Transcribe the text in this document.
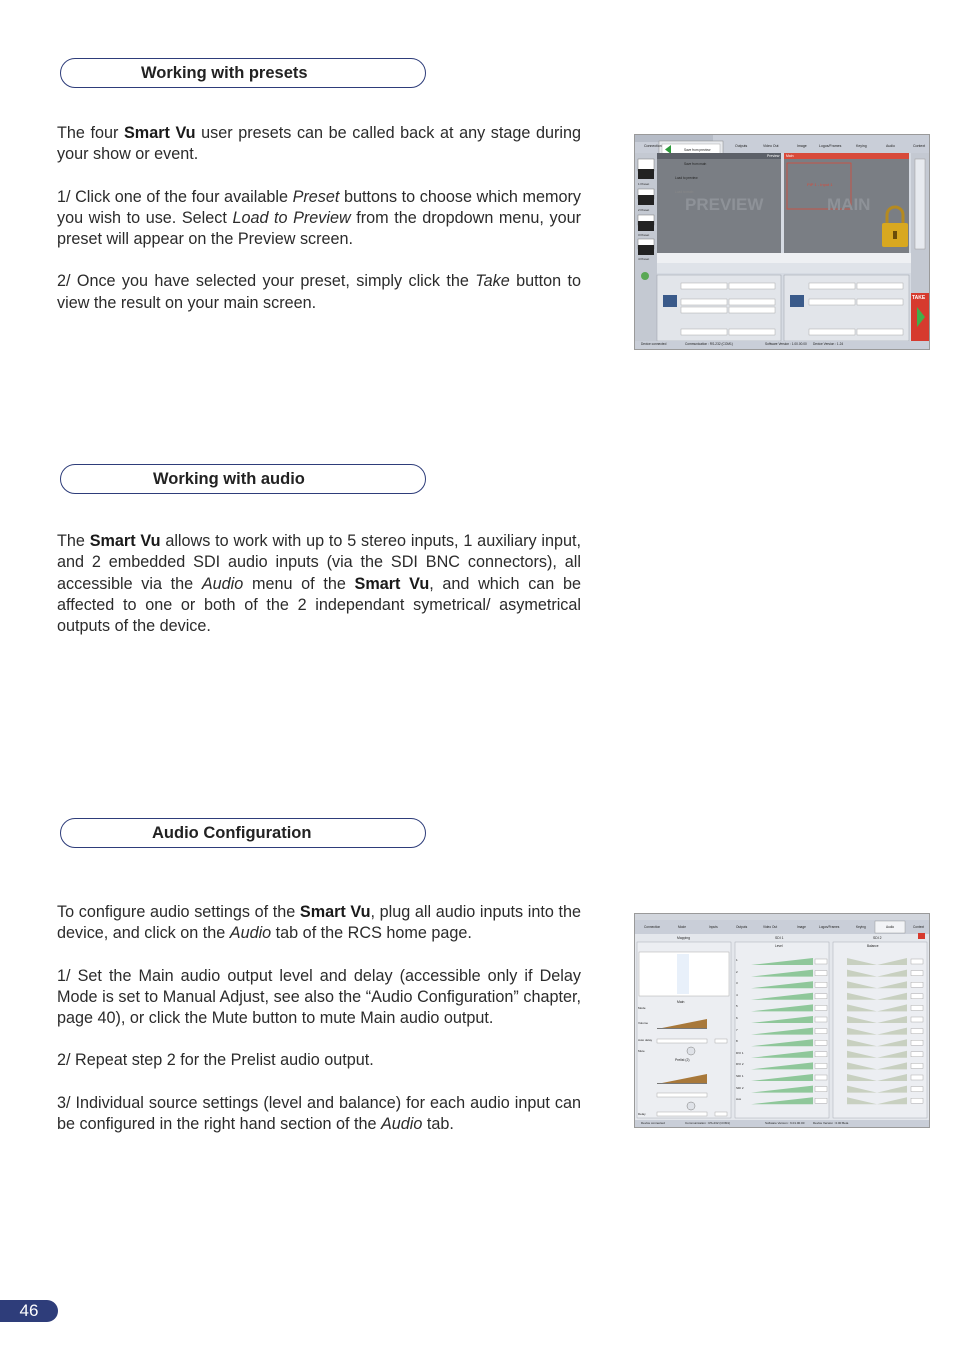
Working with presets

The four Smart Vu user presets can be called back at any stage during your show or event.

1/ Click one of the four available Preset buttons to choose which memory you wish to use. Select Load to Preview from the dropdown menu, your preset will appear on the Preview screen.

2/ Once you have selected your preset, simply click the Take button to view the result on your main screen.

Connection	Outputs	Video Out	Image	Logos/Frames	Keying	Audio	Context
Save from preview
Save from main
Load to preview
Load to main
1 Preset
2 Preset
3 Preset
4 Preset
Preview Main
PREVIEW	MAIN
PIP 1 - Input 1
TAKE
Device connected	Communication : RS-232 (COM1)	Software Version : 1.00.00.00 Device Version : 1.24
Working with audio

The Smart Vu allows to work with up to 5 stereo inputs, 1 auxiliary input, and 2 embedded SDI audio inputs (via the SDI BNC connectors), all accessible via the Audio menu of the Smart Vu, and which can be affected to one or both of the 2 independant symetrical/ asymetrical outputs of the device.

Audio Configuration

To configure audio settings of the Smart Vu, plug all audio inputs into the device, and click on the Audio tab of the RCS home page.

1/ Set the Main audio output level and delay (accessible only if Delay Mode is set to Manual Adjust, see also the “Audio Configuration” chapter, page 40), or click the Mute button to mute Main audio output.

2/ Repeat step 2 for the Prelist audio output.

3/ Individual source settings (level and balance) for each audio input can be configured in the right hand section of the Audio tab.

Connection	Mode	Inputs	Outputs	Video Out	Image	Logos/Frames	Keying	Audio	Context
Mapping
Main
Prelist (2)
Mode
Volume
Mute
Auto delay
Delay
SDI 1	SDI 2
Level	Balance
1
2
3
4
5
6
7
8
DVI 1
DVI 2
SDI 1
SDI 2
Aux
Device connected	Communication : RS-232 (COM1)	Software Version : 6.01.00.00	Device Version : 0.00 Beta
46
